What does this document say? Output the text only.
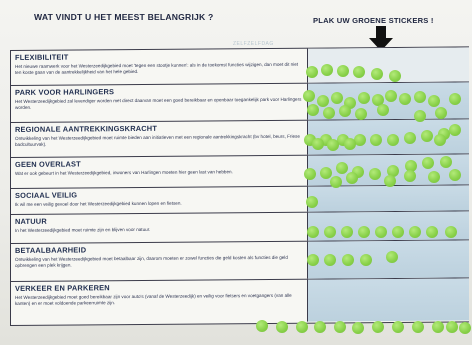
WAT VINDT U HET MEEST BELANGRIJK ?	PLAK UW GROENE STICKERS !
ZELFZELFDAG
FLEXIBILITEIT
Het nieuwe raamwerk voor het Westerzeedijkgebied moet 'tegen een stootje kunnen': als in de toekomst functies wijzigen, dan moet dit niet ten koste gaan van de aantrekkelijkheid van het hele gebied.
PARK VOOR HARLINGERS
Het Westerzeedijkgebied zal levendiger worden met direct daarvan moet een goed bereikbaar en openbaar toegankelijk park voor Harlingers worden.
REGIONALE AANTREKKINGSKRACHT
Ontwikkeling van het Westerzeedijkgebied moet ruimte bieden aan initiatieven met een regionale aantrekkingskracht (bv hotel, beurs, Friese badcultuurvak).
GEEN OVERLAST
Wat er ook gebeurt in het Westerzeedijkgebied, inwoners van Harlingen moeten hier geen last van hebben.
SOCIAAL VEILIG
Ik wil me een veilig gevoel door het Westerzeedijkgebied kunnen lopen en fietsen.
NATUUR
In het Westerzeedijkgebied moet ruimte zijn en blijven voor natuur.
BETAALBAARHEID
Ontwikkeling van het Westerzeedijkgebied moet betaalbaar zijn, daarom moeten er zowel functies die geld kosten als functies die geld opbrengen een plek krijgen.
VERKEER EN PARKEREN
Het Westerzeedijkgebied moet goed bereikbaar zijn voor auto's (vanaf de Westerzeedijk) en veilig voor fietsers en voetgangers (van alle kanten) en er moet voldoende parkeerruimte zijn.
